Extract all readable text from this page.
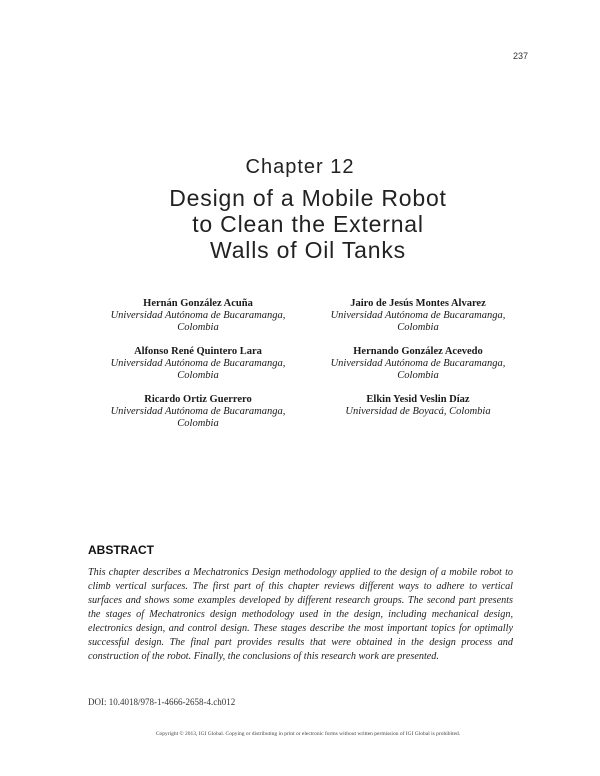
237
Chapter 12
Design of a Mobile Robot
to Clean the External
Walls of Oil Tanks
Hernán González Acuña
Universidad Autónoma de Bucaramanga,
Colombia
Alfonso René Quintero Lara
Universidad Autónoma de Bucaramanga,
Colombia
Ricardo Ortiz Guerrero
Universidad Autónoma de Bucaramanga,
Colombia
Jairo de Jesús Montes Alvarez
Universidad Autónoma de Bucaramanga,
Colombia
Hernando González Acevedo
Universidad Autónoma de Bucaramanga,
Colombia
Elkin Yesid Veslin Díaz
Universidad de Boyacá, Colombia
ABSTRACT
This chapter describes a Mechatronics Design methodology applied to the design of a mobile robot to climb vertical surfaces. The first part of this chapter reviews different ways to adhere to vertical surfaces and shows some examples developed by different research groups. The second part presents the stages of Mechatronics design methodology used in the design, including mechanical design, electronics design, and control design. These stages describe the most important topics for optimally successful design. The final part provides results that were obtained in the design process and construction of the robot. Finally, the conclusions of this research work are presented.
DOI: 10.4018/978-1-4666-2658-4.ch012
Copyright © 2013, IGI Global. Copying or distributing in print or electronic forms without written permission of IGI Global is prohibited.
